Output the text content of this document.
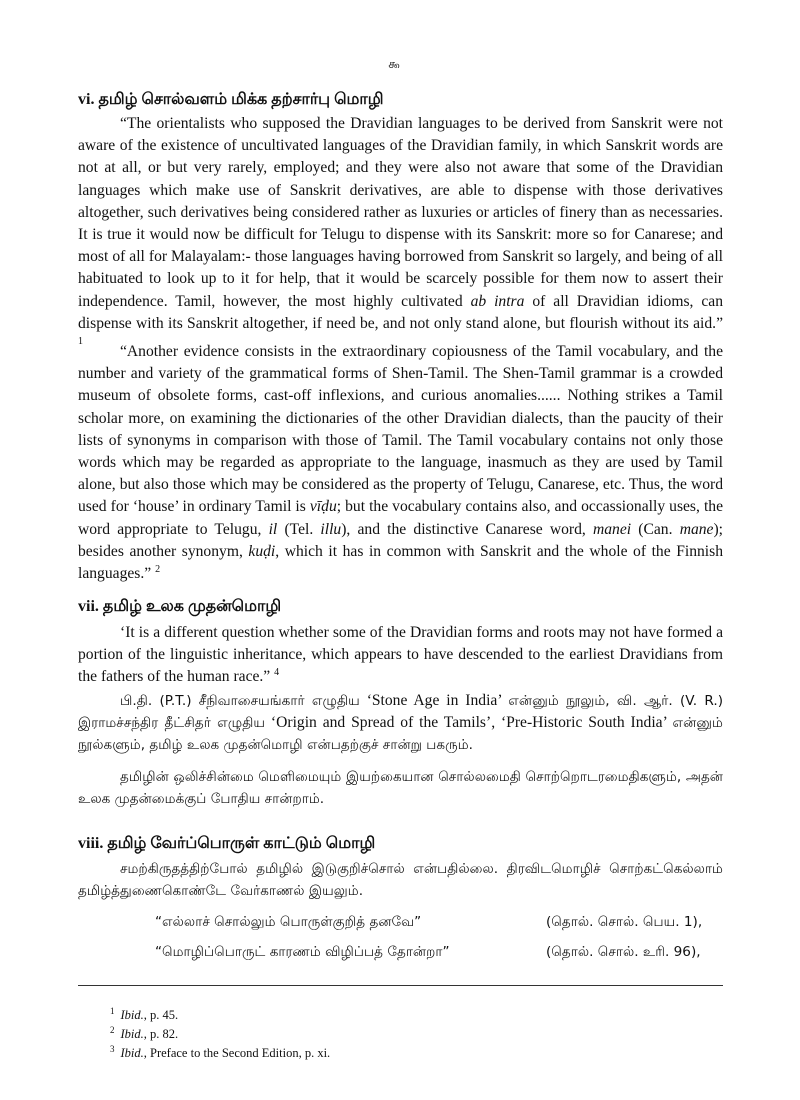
௯
vi. தமிழ் சொல்வளம் மிக்க தற்சார்பு மொழி

“The orientalists who supposed the Dravidian languages to be derived from Sanskrit were not aware of the existence of uncultivated languages of the Dravidian family, in which Sanskrit words are not at all, or but very rarely, employed; and they were also not aware that some of the Dravidian languages which make use of Sanskrit derivatives, are able to dispense with those derivatives altogether, such derivatives being considered rather as luxuries or articles of finery than as necessaries. It is true it would now be difficult for Telugu to dispense with its Sanskrit: more so for Canarese; and most of all for Malayalam:- those languages having borrowed from Sanskrit so largely, and being of all habituated to look up to it for help, that it would be scarcely possible for them now to assert their independence. Tamil, however, the most highly cultivated ab intra of all Dravidian idioms, can dispense with its Sanskrit altogether, if need be, and not only stand alone, but flourish without its aid.” $^1$

“Another evidence consists in the extraordinary copiousness of the Tamil vocabulary, and the number and variety of the grammatical forms of Shen-Tamil. The Shen-Tamil grammar is a crowded museum of obsolete forms, cast-off inflexions, and curious anomalies...... Nothing strikes a Tamil scholar more, on examining the dictionaries of the other Dravidian dialects, than the paucity of their lists of synonyms in comparison with those of Tamil. The Tamil vocabulary contains not only those words which may be regarded as appropriate to the language, inasmuch as they are used by Tamil alone, but also those which may be considered as the property of Telugu, Canarese, etc. Thus, the word used for ‘house’ in ordinary Tamil is vīḍu; but the vocabulary contains also, and occassionally uses, the word appropriate to Telugu, il (Tel. illu), and the distinctive Canarese word, manei (Can. mane); besides another synonym, kuḍi, which it has in common with Sanskrit and the whole of the Finnish languages.” $^2$

vii. தமிழ் உலக முதன்மொழி

‘It is a different question whether some of the Dravidian forms and roots may not have formed a portion of the linguistic inheritance, which appears to have descended to the earliest Dravidians from the fathers of the human race.” $^4$

பி.தி. (P.T.) சீநிவாசையங்கார் எழுதிய ‘Stone Age in India’ என்னும் நூலும், வி. ஆர். (V. R.) இராமச்சந்திர தீட்சிதர் எழுதிய ‘Origin and Spread of the Tamils’, ‘Pre-Historic South India’ என்னும் நூல்களும், தமிழ் உலக முதன்மொழி என்பதற்குச் சான்று பகரும்.

தமிழின் ஒலிச்சின்மை மெளிமையும் இயற்கையான சொல்லமைதி சொற்றொடரமைதிகளும், அதன் உலக முதன்மைக்குப் போதிய சான்றாம்.

viii. தமிழ் வேர்ப்பொருள் காட்டும் மொழி

சமற்கிருதத்திற்போல் தமிழில் இடுகுறிச்சொல் என்பதில்லை. திரவிடமொழிச் சொற்கட்கெல்லாம் தமிழ்த்துணைகொண்டே வேர்காணல் இயலும்.

“எல்லாச் சொல்லும் பொருள்குறித் தனவே”	(தொல். சொல். பெய. 1),
“மொழிப்பொருட் காரணம் விழிப்பத் தோன்றா”	(தொல். சொல். உரி. 96),
$^1$ Ibid., p. 45.
$^2$ Ibid., p. 82.
$^3$ Ibid., Preface to the Second Edition, p. xi.
